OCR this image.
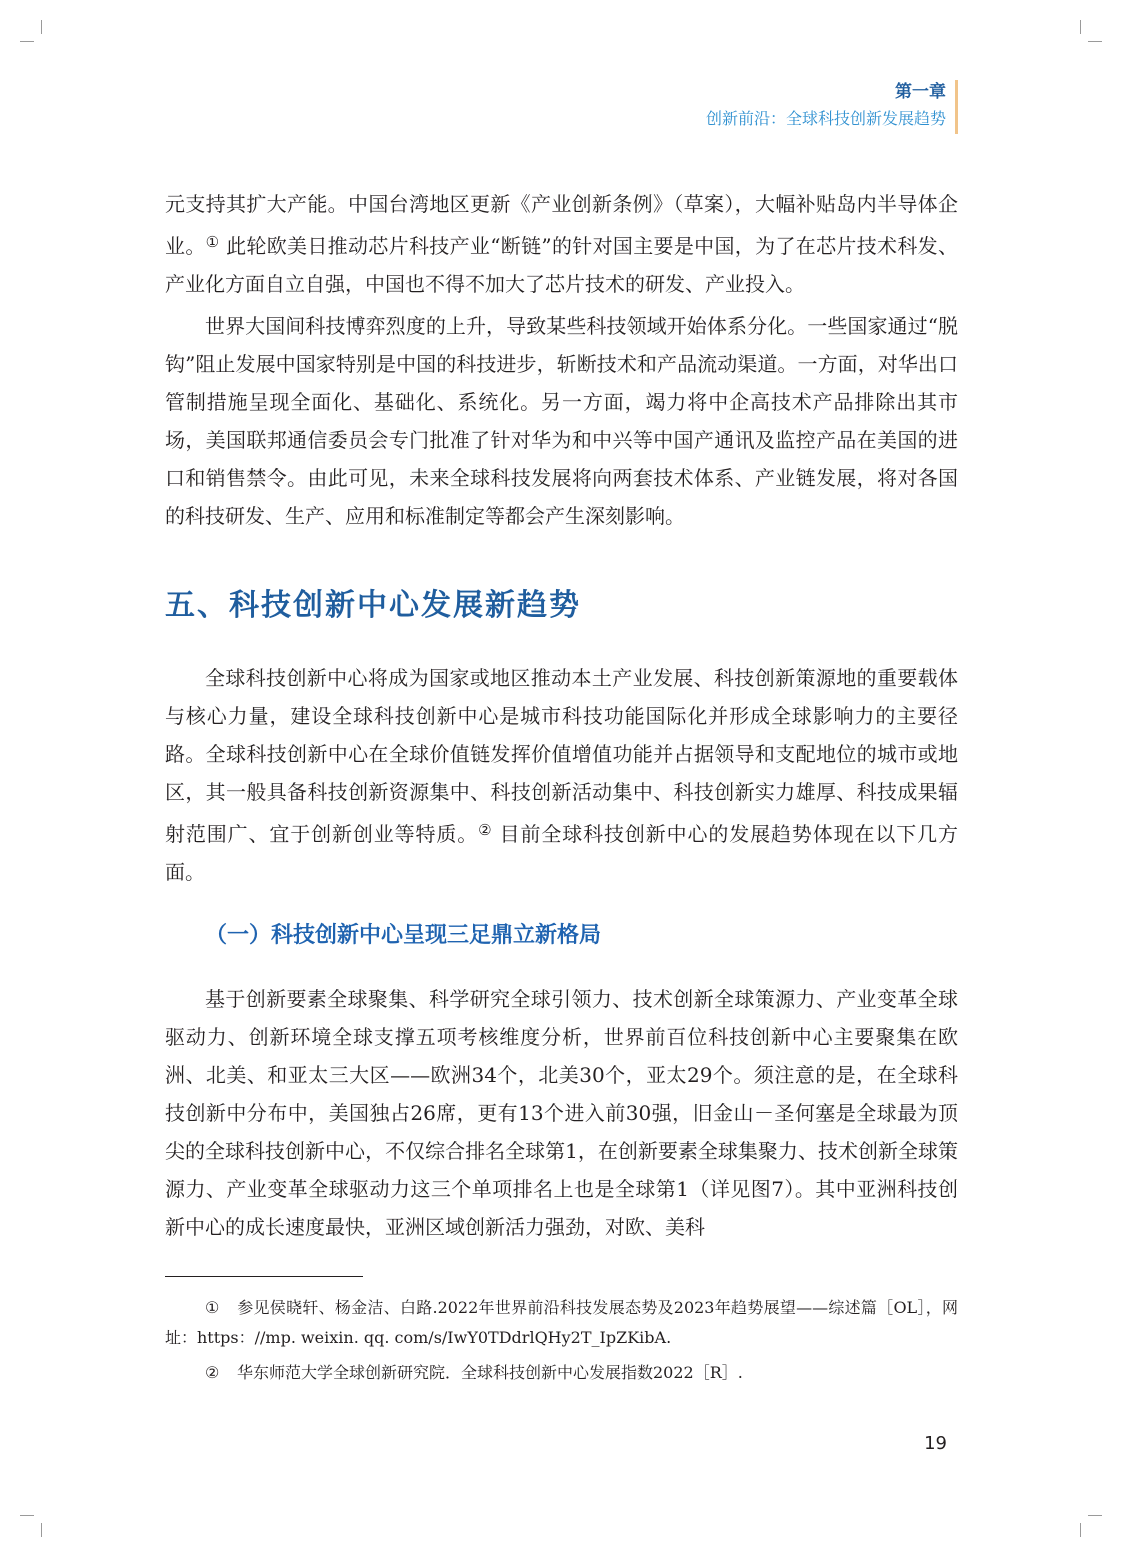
第一章
创新前沿：全球科技创新发展趋势

元支持其扩大产能。中国台湾地区更新《产业创新条例》（草案），大幅补贴岛内半导体企业。① 此轮欧美日推动芯片科技产业“断链”的针对国主要是中国，为了在芯片技术科发、产业化方面自立自强，中国也不得不加大了芯片技术的研发、产业投入。

世界大国间科技博弈烈度的上升，导致某些科技领域开始体系分化。一些国家通过“脱钩”阻止发展中国家特别是中国的科技进步，斩断技术和产品流动渠道。一方面，对华出口管制措施呈现全面化、基础化、系统化。另一方面，竭力将中企高技术产品排除出其市场，美国联邦通信委员会专门批准了针对华为和中兴等中国产通讯及监控产品在美国的进口和销售禁令。由此可见，未来全球科技发展将向两套技术体系、产业链发展，将对各国的科技研发、生产、应用和标准制定等都会产生深刻影响。

五、科技创新中心发展新趋势

全球科技创新中心将成为国家或地区推动本土产业发展、科技创新策源地的重要载体与核心力量，建设全球科技创新中心是城市科技功能国际化并形成全球影响力的主要径路。全球科技创新中心在全球价值链发挥价值增值功能并占据领导和支配地位的城市或地区，其一般具备科技创新资源集中、科技创新活动集中、科技创新实力雄厚、科技成果辐射范围广、宜于创新创业等特质。② 目前全球科技创新中心的发展趋势体现在以下几方面。

（一）科技创新中心呈现三足鼎立新格局

基于创新要素全球聚集、科学研究全球引领力、技术创新全球策源力、产业变革全球驱动力、创新环境全球支撑五项考核维度分析，世界前百位科技创新中心主要聚集在欧洲、北美、和亚太三大区——欧洲34个，北美30个，亚太29个。须注意的是，在全球科技创新中分布中，美国独占26席，更有13个进入前30强，旧金山－圣何塞是全球最为顶尖的全球科技创新中心，不仅综合排名全球第1，在创新要素全球集聚力、技术创新全球策源力、产业变革全球驱动力这三个单项排名上也是全球第1（详见图7）。其中亚洲科技创新中心的成长速度最快，亚洲区域创新活力强劲，对欧、美科

① 参见侯晓轩、杨金洁、白路.2022年世界前沿科技发展态势及2023年趋势展望——综述篇［OL］，网址：https：//mp. weixin. qq. com/s/IwY0TDdrlQHy2T_IpZKibA.

② 华东师范大学全球创新研究院．全球科技创新中心发展指数2022［R］.

19
